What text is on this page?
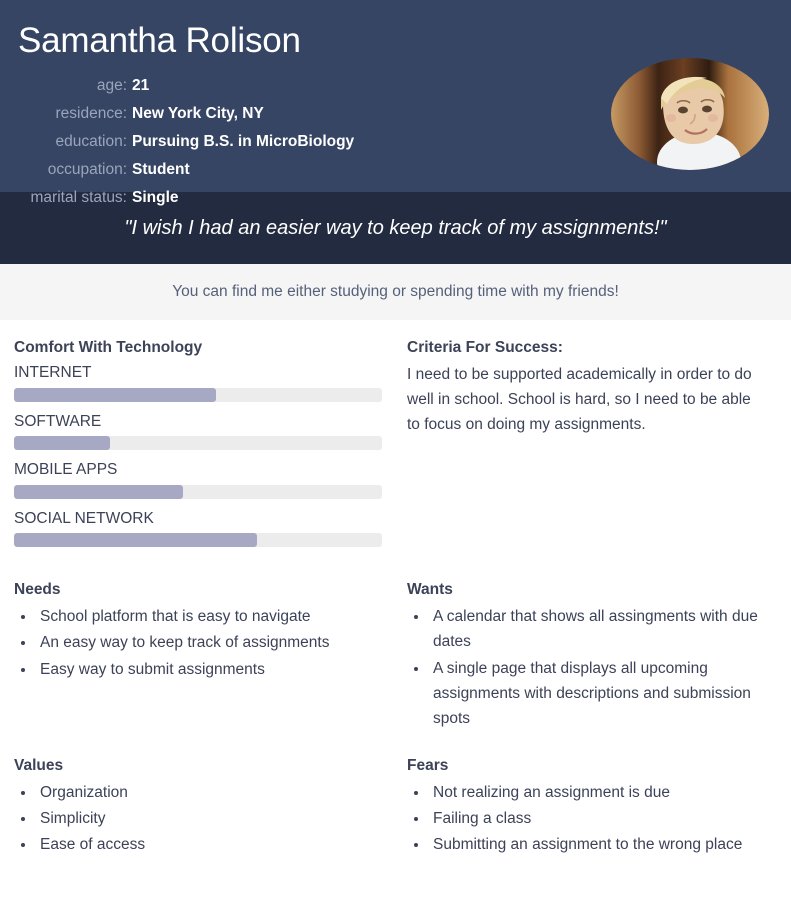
Samantha Rolison
age:	21
residence:	New York City, NY
education:	Pursuing B.S. in MicroBiology
occupation:	Student
marital status:	Single
"I wish I had an easier way to keep track of my assignments!"
You can find me either studying or spending time with my friends!
Comfort With Technology
INTERNET
SOFTWARE
MOBILE APPS
SOCIAL NETWORK
Criteria For Success:

I need to be supported academically in order to do well in school. School is hard, so I need to be able to focus on doing my assignments.

Needs
• School platform that is easy to navigate
• An easy way to keep track of assignments
• Easy way to submit assignments
Wants
• A calendar that shows all assingments with due dates
• A single page that displays all upcoming assignments with descriptions and submission spots
Values
• Organization
• Simplicity
• Ease of access
Fears
• Not realizing an assignment is due
• Failing a class
• Submitting an assignment to the wrong place
